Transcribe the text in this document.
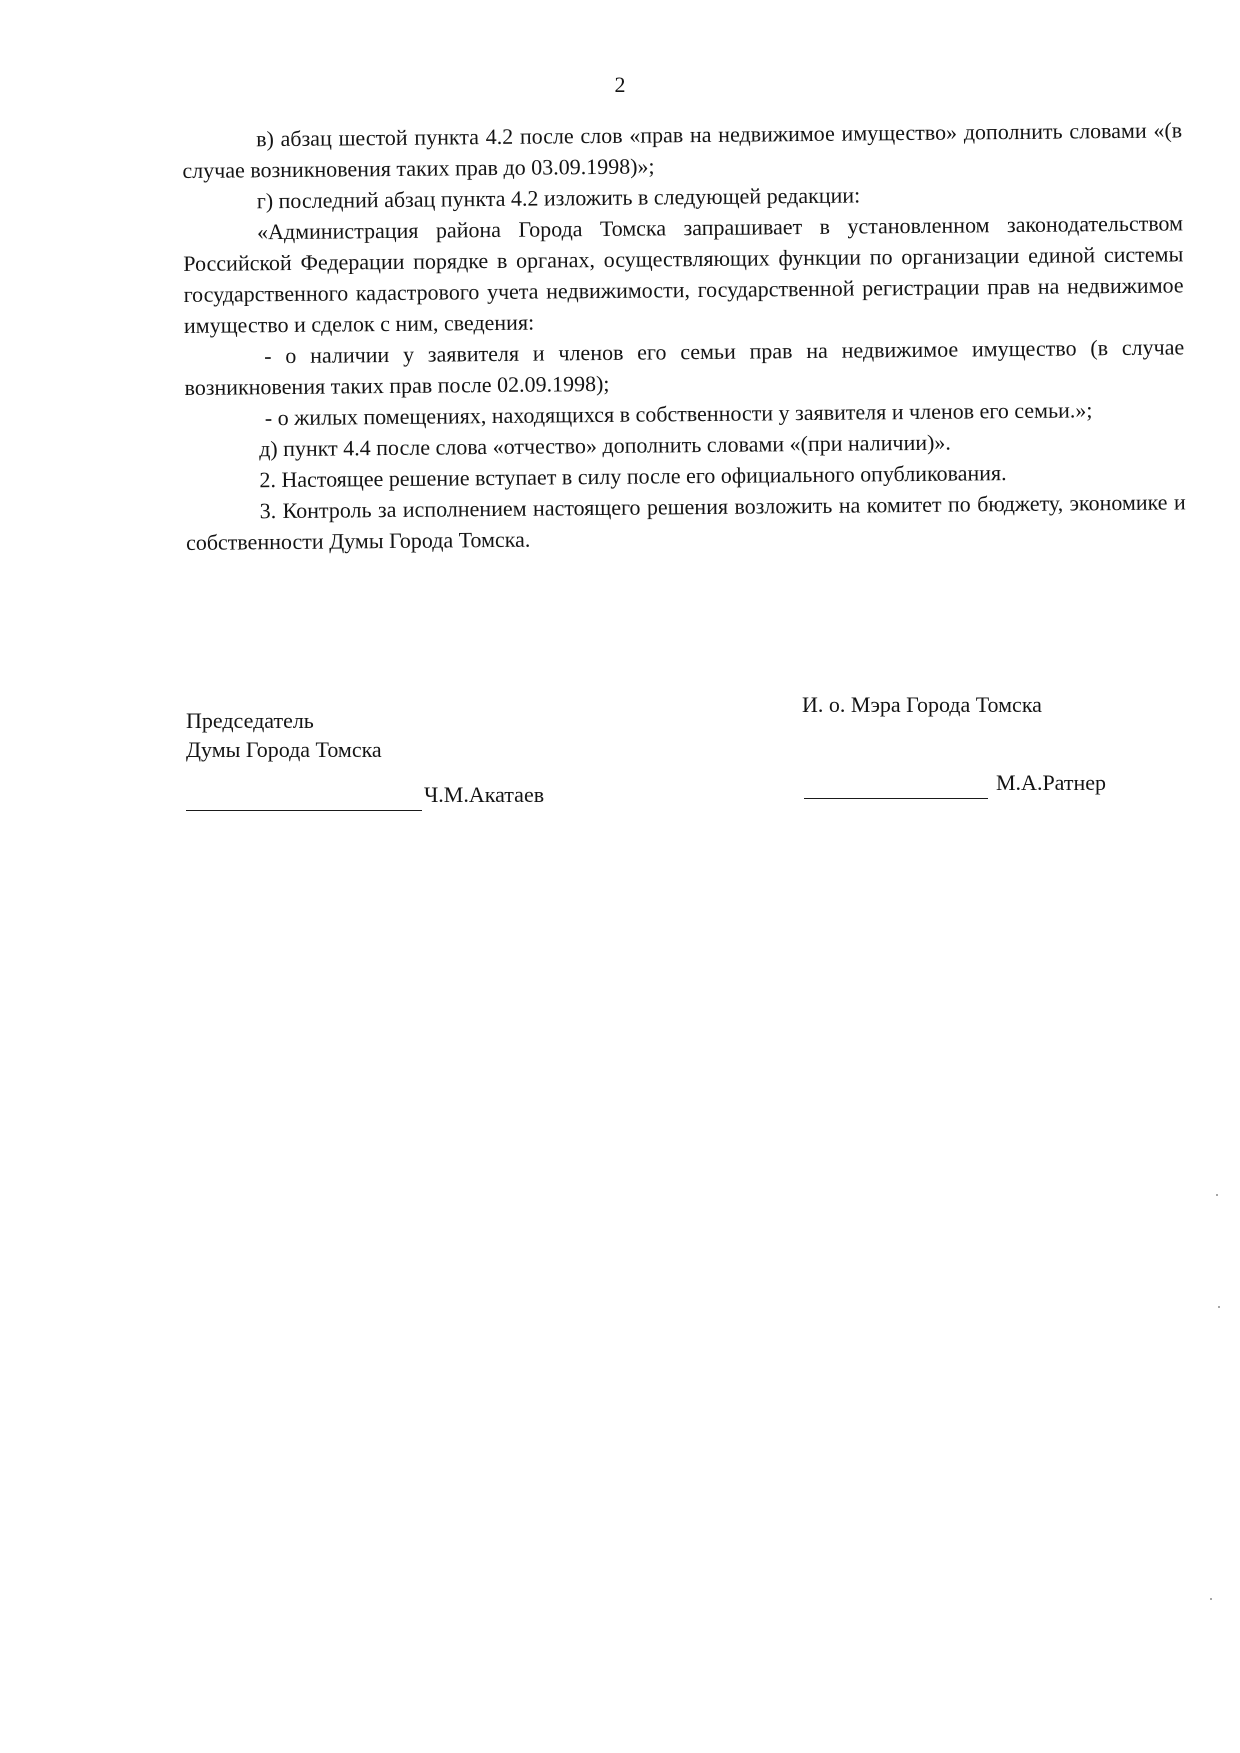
2

в) абзац шестой пункта 4.2 после слов «прав на недвижимое имущество» дополнить словами «(в случае возникновения таких прав до 03.09.1998)»;

г) последний абзац пункта 4.2 изложить в следующей редакции:

«Администрация района Города Томска запрашивает в установленном законодательством Российской Федерации порядке в органах, осуществляющих функции по организации единой системы государственного кадастрового учета недвижимости, государственной регистрации прав на недвижимое имущество и сделок с ним, сведения:

- о наличии у заявителя и членов его семьи прав на недвижимое имущество (в случае возникновения таких прав после 02.09.1998);

- о жилых помещениях, находящихся в собственности у заявителя и членов его семьи.»;

д) пункт 4.4 после слова «отчество» дополнить словами «(при наличии)».

2. Настоящее решение вступает в силу после его официального опубликования.

3. Контроль за исполнением настоящего решения возложить на комитет по бюджету, экономике и собственности Думы Города Томска.

Председатель
Думы Города Томска
Ч.М.Акатаев
И. о. Мэра Города Томска
М.А.Ратнер
